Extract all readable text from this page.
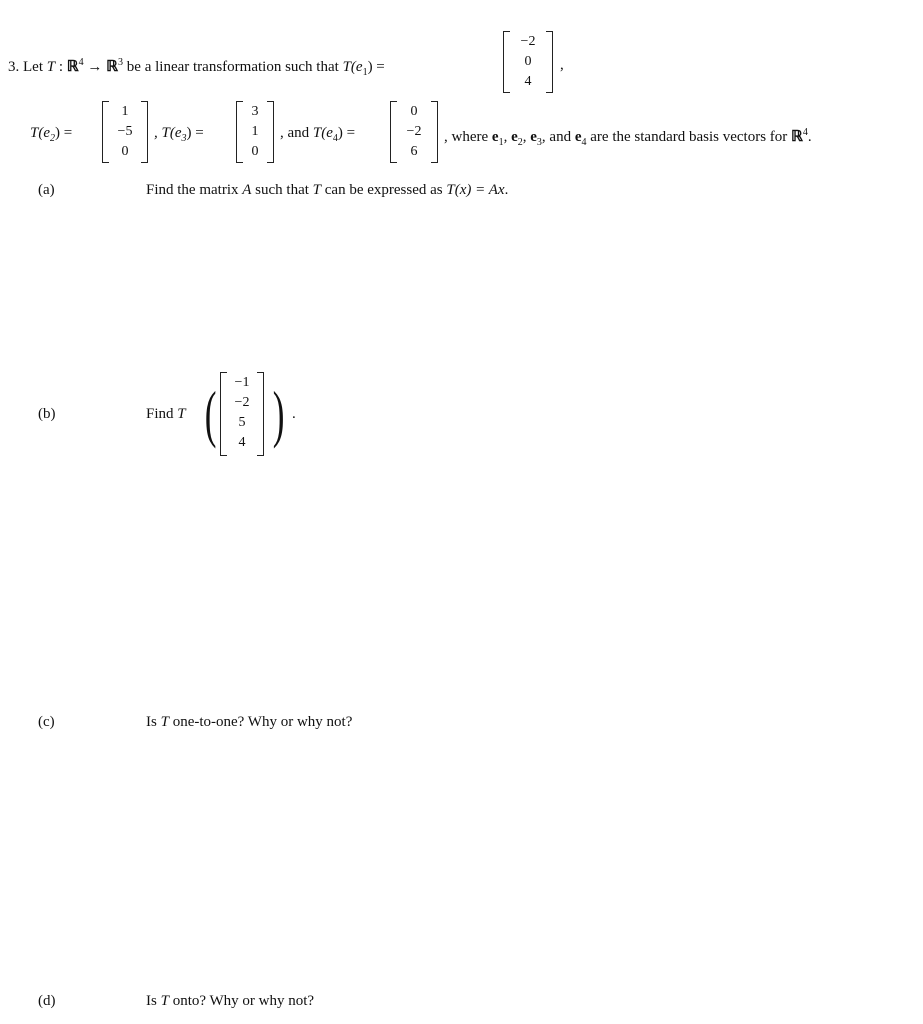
3. Let T : ℝ$^4$ → ℝ$^3$ be a linear transformation such that $T(e_1)$ =
−2
0
4
,
$T(e_2)$ =
1
−5
0
, $T(e_3)$ =
3
1
0
, and $T(e_4)$ =
0
−2
6
, where $e_1$, $e_2$, $e_3$, and $e_4$ are the standard basis vectors for ℝ$^4$.
(a)	Find the matrix A such that T can be expressed as T(x) = Ax.
(b)	Find T (	−1
−2
5
4 ) .
(c)	Is T one-to-one? Why or why not?
(d)	Is T onto? Why or why not?
